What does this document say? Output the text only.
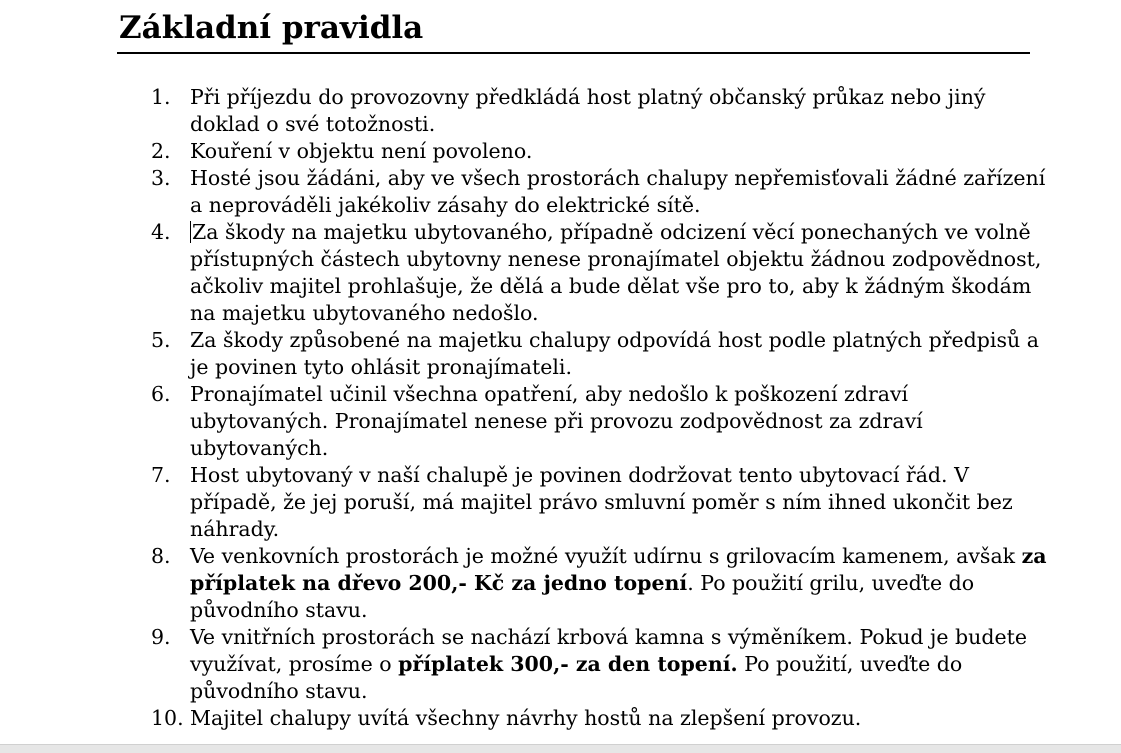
Základní pravidla
1. Při příjezdu do provozovny předkládá host platný občanský průkaz nebo jiný doklad o své totožnosti.
2. Kouření v objektu není povoleno.
3. Hosté jsou žádáni, aby ve všech prostorách chalupy nepřemisťovali žádné zařízení a neprováděli jakékoliv zásahy do elektrické sítě.
4.	Za škody na majetku ubytovaného, případně odcizení věcí ponechaných ve volně přístupných částech ubytovny nenese pronajímatel objektu žádnou zodpovědnost, ačkoliv majitel prohlašuje, že dělá a bude dělat vše pro to, aby k žádným škodám na majetku ubytovaného nedošlo.
5. Za škody způsobené na majetku chalupy odpovídá host podle platných předpisů a je povinen tyto ohlásit pronajímateli.
6. Pronajímatel učinil všechna opatření, aby nedošlo k poškození zdraví ubytovaných. Pronajímatel nenese při provozu zodpovědnost za zdraví ubytovaných.
7. Host ubytovaný v naší chalupě je povinen dodržovat tento ubytovací řád. V případě, že jej poruší, má majitel právo smluvní poměr s ním ihned ukončit bez náhrady.
8. Ve venkovních prostorách je možné využít udírnu s grilovacím kamenem, avšak za příplatek na dřevo 200,- Kč za jedno topení. Po použití grilu, uveďte do původního stavu.
9. Ve vnitřních prostorách se nachází krbová kamna s výměníkem. Pokud je budete využívat, prosíme o příplatek 300,- za den topení. Po použití, uveďte do původního stavu.
10. Majitel chalupy uvítá všechny návrhy hostů na zlepšení provozu.
